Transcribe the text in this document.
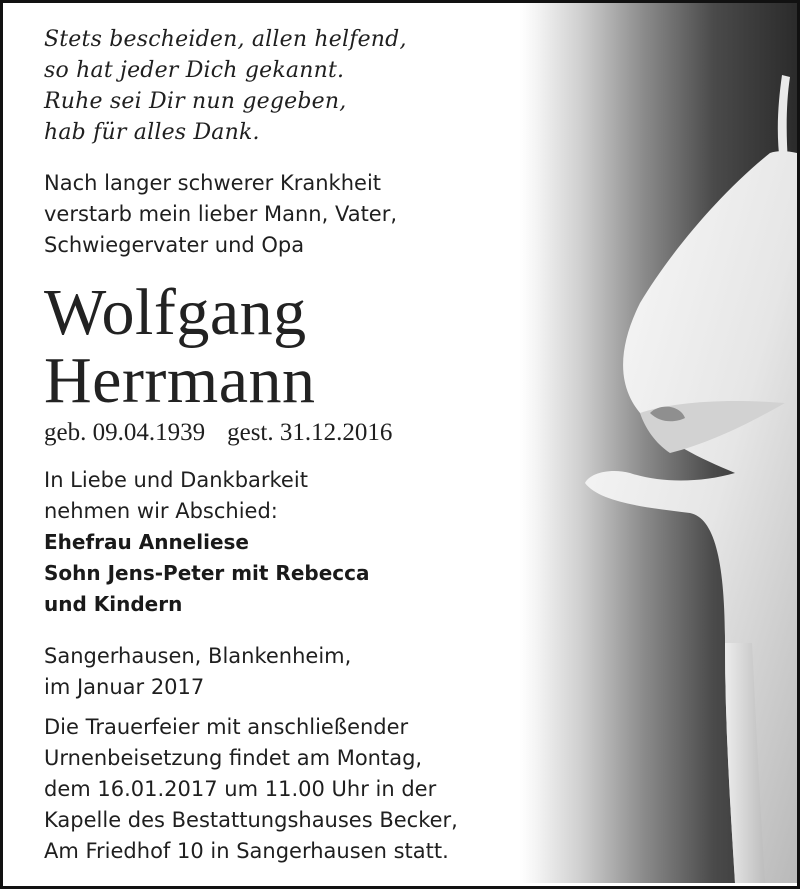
Stets bescheiden, allen helfend,
so hat jeder Dich gekannt.
Ruhe sei Dir nun gegeben,
hab für alles Dank.
Nach langer schwerer Krankheit
verstarb mein lieber Mann, Vater,
Schwiegervater und Opa
Wolfgang
Herrmann
geb. 09.04.1939 gest. 31.12.2016
In Liebe und Dankbarkeit
nehmen wir Abschied:
Ehefrau Anneliese
Sohn Jens-Peter mit Rebecca
und Kindern
Sangerhausen, Blankenheim,
im Januar 2017
Die Trauerfeier mit anschließender
Urnenbeisetzung findet am Montag,
dem 16.01.2017 um 11.00 Uhr in der
Kapelle des Bestattungshauses Becker,
Am Friedhof 10 in Sangerhausen statt.
